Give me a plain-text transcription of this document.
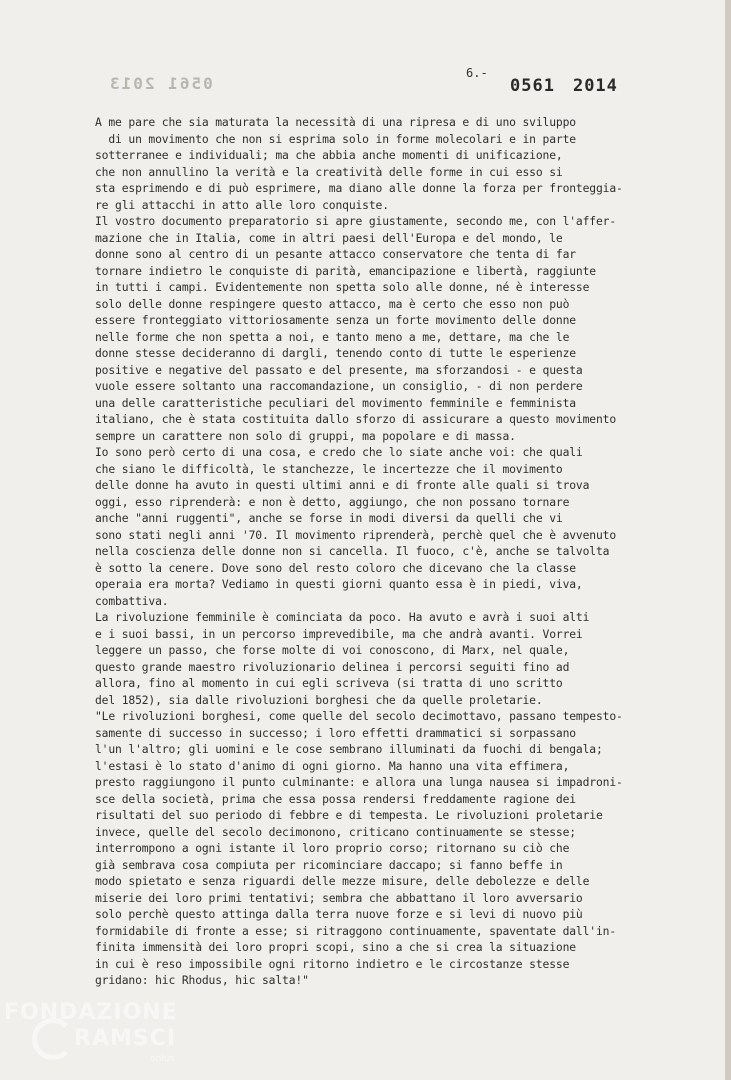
0561 2013
6.-
0561 2014
A me pare che sia maturata la necessità di una ripresa e di uno sviluppo
di un movimento che non si esprima solo in forme molecolari e in parte
sotterranee e individuali; ma che abbia anche momenti di unificazione,
che non annullino la verità e la creatività delle forme in cui esso si
sta esprimendo e di può esprimere, ma diano alle donne la forza per fronteggia-
re gli attacchi in atto alle loro conquiste.
Il vostro documento preparatorio si apre giustamente, secondo me, con l'affer-
mazione che in Italia, come in altri paesi dell'Europa e del mondo, le
donne sono al centro di un pesante attacco conservatore che tenta di far
tornare indietro le conquiste di parità, emancipazione e libertà, raggiunte
in tutti i campi. Evidentemente non spetta solo alle donne, né è interesse
solo delle donne respingere questo attacco, ma è certo che esso non può
essere fronteggiato vittoriosamente senza un forte movimento delle donne
nelle forme che non spetta a noi, e tanto meno a me, dettare, ma che le
donne stesse decideranno di dargli, tenendo conto di tutte le esperienze
positive e negative del passato e del presente, ma sforzandosi - e questa
vuole essere soltanto una raccomandazione, un consiglio, - di non perdere
una delle caratteristiche peculiari del movimento femminile e femminista
italiano, che è stata costituita dallo sforzo di assicurare a questo movimento
sempre un carattere non solo di gruppi, ma popolare e di massa.
Io sono però certo di una cosa, e credo che lo siate anche voi: che quali
che siano le difficoltà, le stanchezze, le incertezze che il movimento
delle donne ha avuto in questi ultimi anni e di fronte alle quali si trova
oggi, esso riprenderà: e non è detto, aggiungo, che non possano tornare
anche "anni ruggenti", anche se forse in modi diversi da quelli che vi
sono stati negli anni '70. Il movimento riprenderà, perchè quel che è avvenuto
nella coscienza delle donne non si cancella. Il fuoco, c'è, anche se talvolta
è sotto la cenere. Dove sono del resto coloro che dicevano che la classe
operaia era morta? Vediamo in questi giorni quanto essa è in piedi, viva,
combattiva.
La rivoluzione femminile è cominciata da poco. Ha avuto e avrà i suoi alti
e i suoi bassi, in un percorso imprevedibile, ma che andrà avanti. Vorrei
leggere un passo, che forse molte di voi conoscono, di Marx, nel quale,
questo grande maestro rivoluzionario delinea i percorsi seguiti fino ad
allora, fino al momento in cui egli scriveva (si tratta di uno scritto
del 1852), sia dalle rivoluzioni borghesi che da quelle proletarie.
"Le rivoluzioni borghesi, come quelle del secolo decimottavo, passano tempesto-
samente di successo in successo; i loro effetti drammatici si sorpassano
l'un l'altro; gli uomini e le cose sembrano illuminati da fuochi di bengala;
l'estasi è lo stato d'animo di ogni giorno. Ma hanno una vita effimera,
presto raggiungono il punto culminante: e allora una lunga nausea si impadroni-
sce della società, prima che essa possa rendersi freddamente ragione dei
risultati del suo periodo di febbre e di tempesta. Le rivoluzioni proletarie
invece, quelle del secolo decimonono, criticano continuamente se stesse;
interrompono a ogni istante il loro proprio corso; ritornano su ciò che
già sembrava cosa compiuta per ricominciare daccapo; si fanno beffe in
modo spietato e senza riguardi delle mezze misure, delle debolezze e delle
miserie dei loro primi tentativi; sembra che abbattano il loro avversario
solo perchè questo attinga dalla terra nuove forze e si levi di nuovo più
formidabile di fronte a esse; si ritraggono continuamente, spaventate dall'in-
finita immensità dei loro propri scopi, sino a che si crea la situazione
in cui è reso impossibile ogni ritorno indietro e le circostanze stesse
gridano: hic Rhodus, hic salta!"
FONDAZIONE
RAMSCI
onlus
